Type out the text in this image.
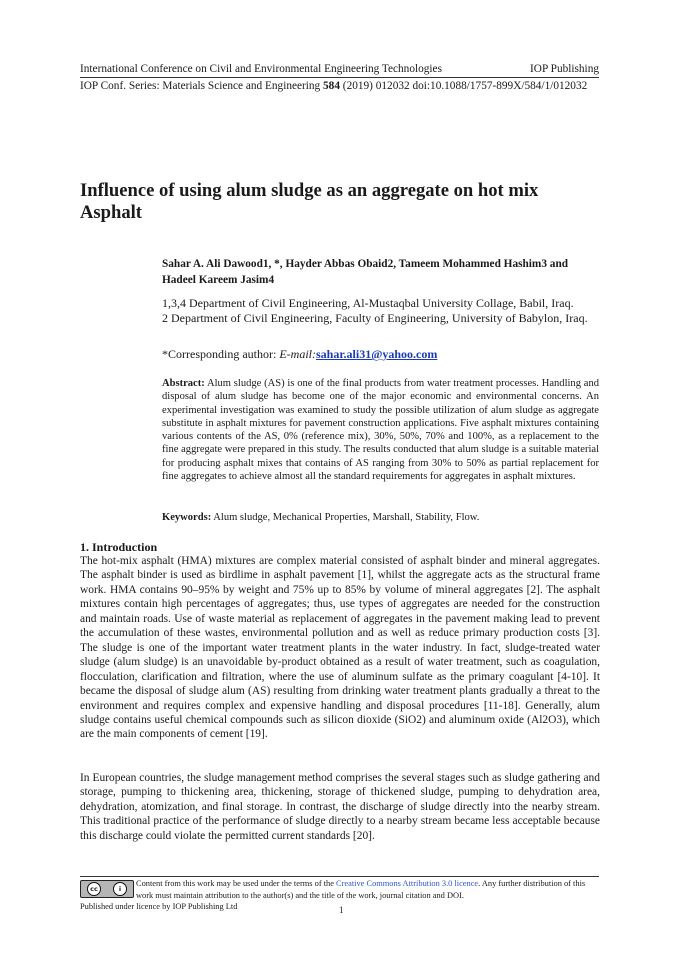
International Conference on Civil and Environmental Engineering Technologies	IOP Publishing
IOP Conf. Series: Materials Science and Engineering 584 (2019) 012032 doi:10.1088/1757-899X/584/1/012032
Influence of using alum sludge as an aggregate on hot mix Asphalt
Sahar A. Ali Dawood1, *, Hayder Abbas Obaid2, Tameem Mohammed Hashim3 and Hadeel Kareem Jasim4
1,3,4 Department of Civil Engineering, Al-Mustaqbal University Collage, Babil, Iraq.
2 Department of Civil Engineering, Faculty of Engineering, University of Babylon, Iraq.
*Corresponding author: E-mail:sahar.ali31@yahoo.com
Abstract: Alum sludge (AS) is one of the final products from water treatment processes. Handling and disposal of alum sludge has become one of the major economic and environmental concerns. An experimental investigation was examined to study the possible utilization of alum sludge as aggregate substitute in asphalt mixtures for pavement construction applications. Five asphalt mixtures containing various contents of the AS, 0% (reference mix), 30%, 50%, 70% and 100%, as a replacement to the fine aggregate were prepared in this study. The results conducted that alum sludge is a suitable material for producing asphalt mixes that contains of AS ranging from 30% to 50% as partial replacement for fine aggregates to achieve almost all the standard requirements for aggregates in asphalt mixtures.
Keywords: Alum sludge, Mechanical Properties, Marshall, Stability, Flow.
1. Introduction
The hot-mix asphalt (HMA) mixtures are complex material consisted of asphalt binder and mineral aggregates. The asphalt binder is used as birdlime in asphalt pavement [1], whilst the aggregate acts as the structural frame work. HMA contains 90–95% by weight and 75% up to 85% by volume of mineral aggregates [2]. The asphalt mixtures contain high percentages of aggregates; thus, use types of aggregates are needed for the construction and maintain roads. Use of waste material as replacement of aggregates in the pavement making lead to prevent the accumulation of these wastes, environmental pollution and as well as reduce primary production costs [3]. The sludge is one of the important water treatment plants in the water industry. In fact, sludge-treated water sludge (alum sludge) is an unavoidable by-product obtained as a result of water treatment, such as coagulation, flocculation, clarification and filtration, where the use of aluminum sulfate as the primary coagulant [4-10]. It became the disposal of sludge alum (AS) resulting from drinking water treatment plants gradually a threat to the environment and requires complex and expensive handling and disposal procedures [11-18]. Generally, alum sludge contains useful chemical compounds such as silicon dioxide (SiO2) and aluminum oxide (Al2O3), which are the main components of cement [19].
In European countries, the sludge management method comprises the several stages such as sludge gathering and storage, pumping to thickening area, thickening, storage of thickened sludge, pumping to dehydration area, dehydration, atomization, and final storage. In contrast, the discharge of sludge directly into the nearby stream. This traditional practice of the performance of sludge directly to a nearby stream became less acceptable because this discharge could violate the permitted current standards [20].
cc	i
Content from this work may be used under the terms of the Creative Commons Attribution 3.0 licence. Any further distribution of this work must maintain attribution to the author(s) and the title of the work, journal citation and DOI.
Published under licence by IOP Publishing Ltd	1
